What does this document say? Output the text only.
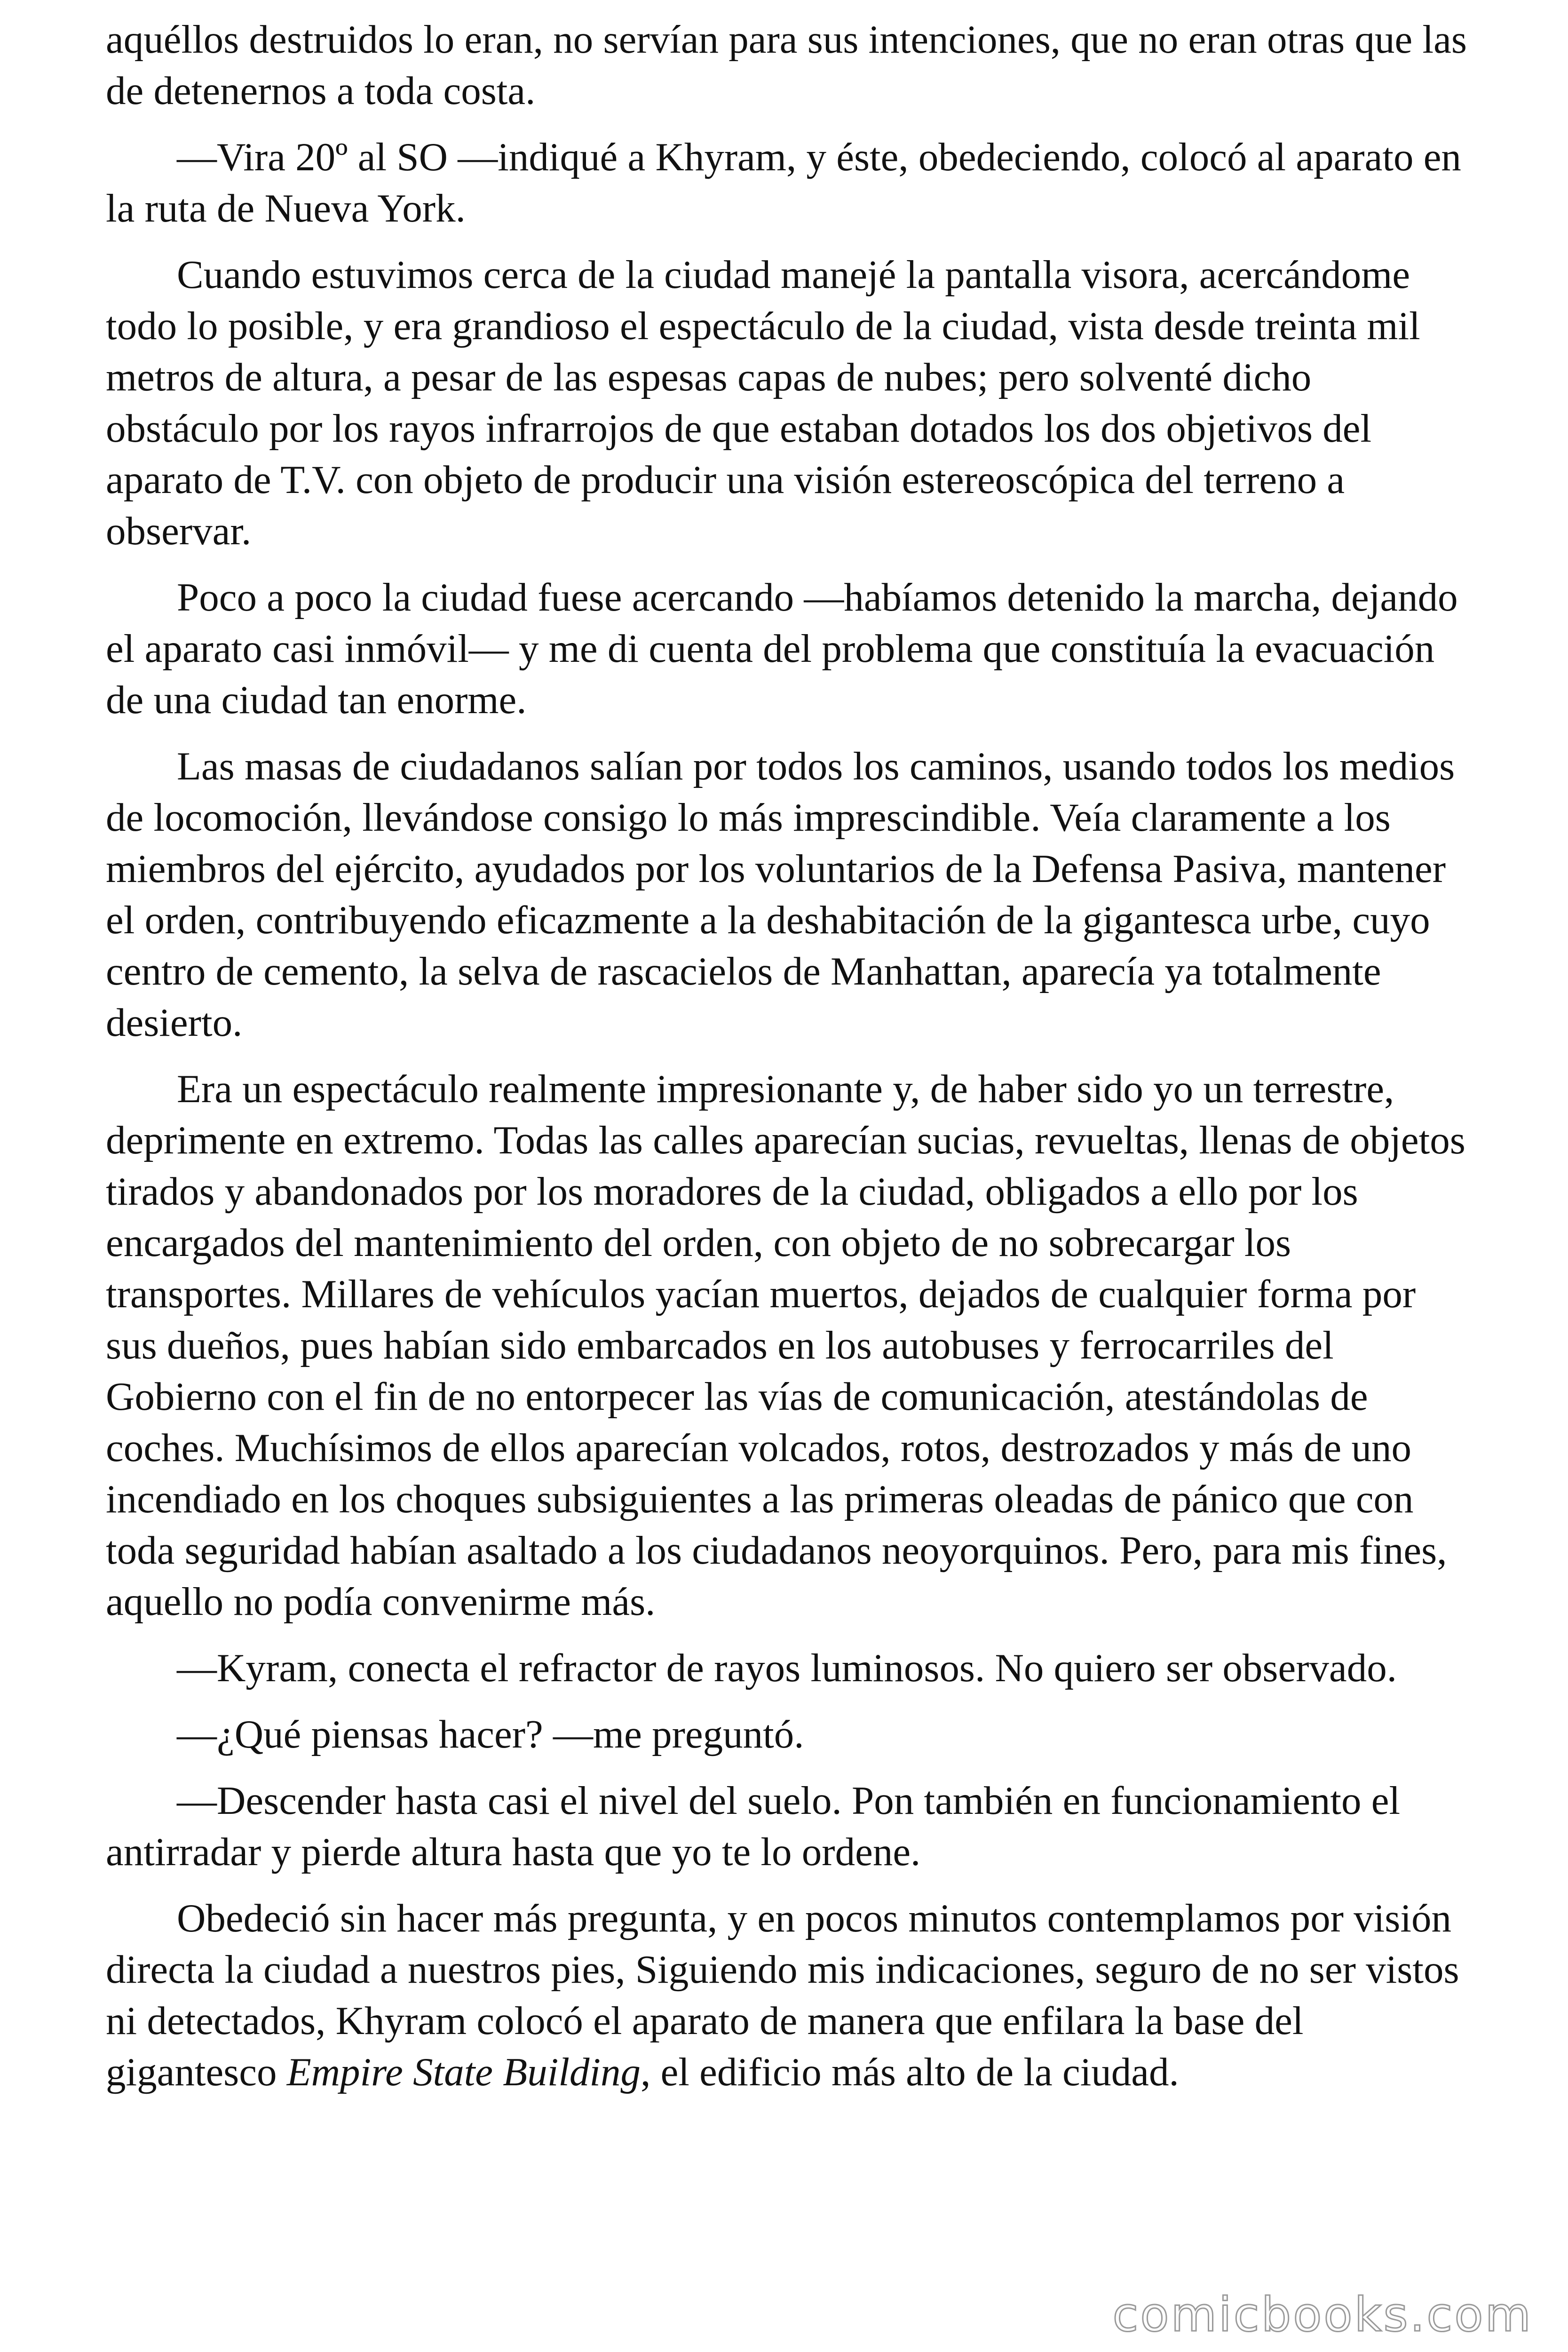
aquéllos destruidos lo eran, no servían para sus intenciones, que no eran otras que las de detenernos a toda costa.

—Vira 20º al SO —indiqué a Khyram, y éste, obedeciendo, colocó al aparato en la ruta de Nueva York.

Cuando estuvimos cerca de la ciudad manejé la pantalla visora, acercándome todo lo posible, y era grandioso el espectáculo de la ciudad, vista desde treinta mil metros de altura, a pesar de las espesas capas de nubes; pero solventé dicho obstáculo por los rayos infrarrojos de que estaban dotados los dos objetivos del aparato de T.V. con objeto de producir una visión estereoscópica del terreno a observar.

Poco a poco la ciudad fuese acercando —habíamos detenido la marcha, dejando el aparato casi inmóvil— y me di cuenta del problema que constituía la evacuación de una ciudad tan enorme.

Las masas de ciudadanos salían por todos los caminos, usando todos los medios de locomoción, llevándose consigo lo más imprescindible. Veía claramente a los miembros del ejército, ayudados por los voluntarios de la Defensa Pasiva, mantener el orden, contribuyendo eficazmente a la deshabitación de la gigantesca urbe, cuyo centro de cemento, la selva de rascacielos de Manhattan, aparecía ya totalmente desierto.

Era un espectáculo realmente impresionante y, de haber sido yo un terrestre, deprimente en extremo. Todas las calles aparecían sucias, revueltas, llenas de objetos tirados y abandonados por los moradores de la ciudad, obligados a ello por los encargados del mantenimiento del orden, con objeto de no sobrecargar los transportes. Millares de vehículos yacían muertos, dejados de cualquier forma por sus dueños, pues habían sido embarcados en los autobuses y ferrocarriles del Gobierno con el fin de no entorpecer las vías de comunicación, atestándolas de coches. Muchísimos de ellos aparecían volcados, rotos, destrozados y más de uno incendiado en los choques subsiguientes a las primeras oleadas de pánico que con toda seguridad habían asaltado a los ciudadanos neoyorquinos. Pero, para mis fines, aquello no podía convenirme más.

—Kyram, conecta el refractor de rayos luminosos. No quiero ser observado.

—¿Qué piensas hacer? —me preguntó.

—Descender hasta casi el nivel del suelo. Pon también en funcionamiento el antirradar y pierde altura hasta que yo te lo ordene.

Obedeció sin hacer más pregunta, y en pocos minutos contemplamos por visión directa la ciudad a nuestros pies, Siguiendo mis indicaciones, seguro de no ser vistos ni detectados, Khyram colocó el aparato de manera que enfilara la base del gigantesco Empire State Building, el edificio más alto de la ciudad.

comicbooks.com
